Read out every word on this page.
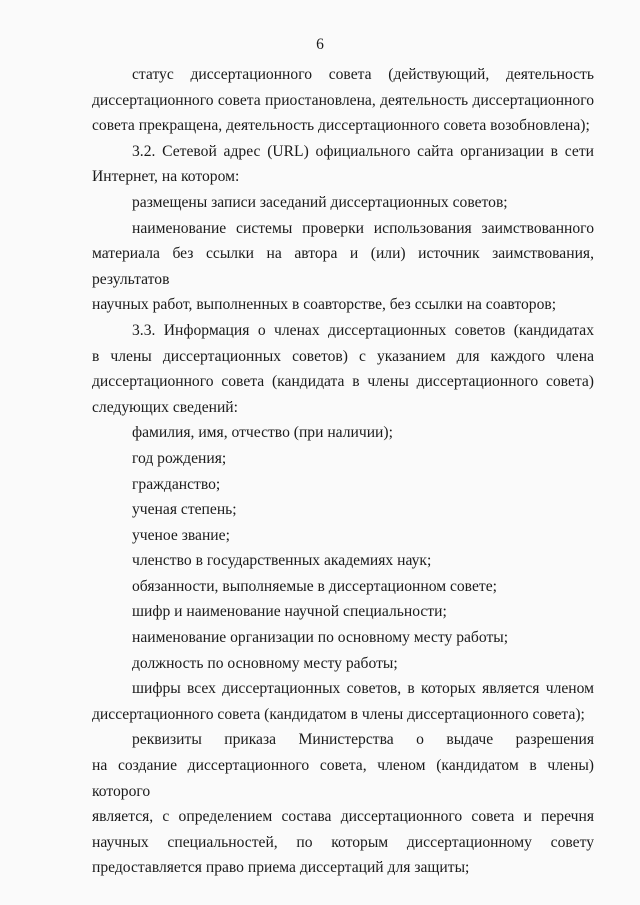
6

статус диссертационного совета (действующий, деятельность

диссертационного совета приостановлена, деятельность диссертационного

совета прекращена, деятельность диссертационного совета возобновлена);

3.2. Сетевой адрес (URL) официального сайта организации в сети

Интернет, на котором:

размещены записи заседаний диссертационных советов;

наименование системы проверки использования заимствованного

материала без ссылки на автора и (или) источник заимствования, результатов

научных работ, выполненных в соавторстве, без ссылки на соавторов;

3.3. Информация о членах диссертационных советов (кандидатах

в члены диссертационных советов) с указанием для каждого члена

диссертационного совета (кандидата в члены диссертационного совета)

следующих сведений:

фамилия, имя, отчество (при наличии);

год рождения;

гражданство;

ученая степень;

ученое звание;

членство в государственных академиях наук;

обязанности, выполняемые в диссертационном совете;

шифр и наименование научной специальности;

наименование организации по основному месту работы;

должность по основному месту работы;

шифры всех диссертационных советов, в которых является членом

диссертационного совета (кандидатом в члены диссертационного совета);

реквизиты приказа Министерства о выдаче разрешения

на создание диссертационного совета, членом (кандидатом в члены) которого

является, с определением состава диссертационного совета и перечня

научных специальностей, по которым диссертационному совету

предоставляется право приема диссертаций для защиты;
